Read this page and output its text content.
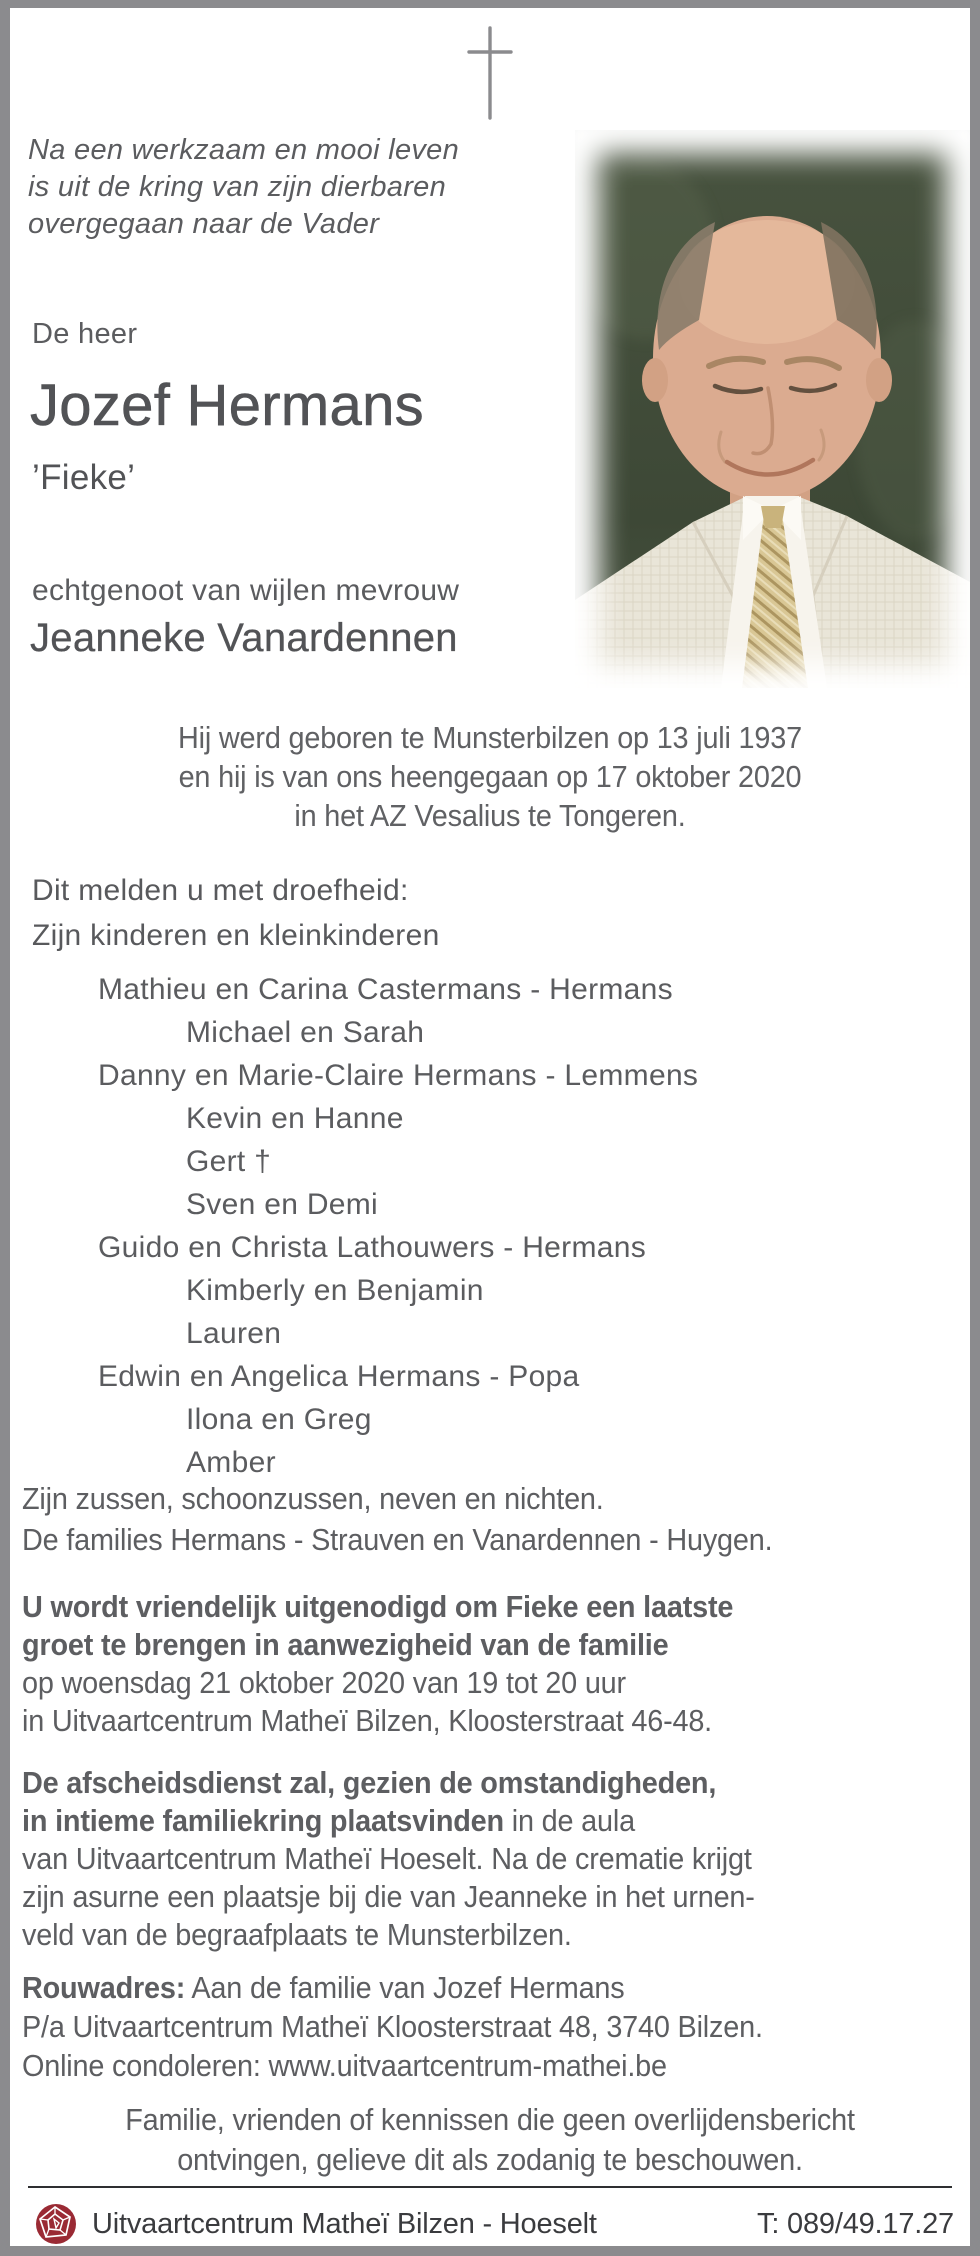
Na een werkzaam en mooi leven
is uit de kring van zijn dierbaren
overgegaan naar de Vader
De heer
Jozef Hermans
’Fieke’
echtgenoot van wijlen mevrouw
Jeanneke Vanardennen
Hij werd geboren te Munsterbilzen op 13 juli 1937
en hij is van ons heengegaan op 17 oktober 2020
in het AZ Vesalius te Tongeren.
Dit melden u met droefheid:
Zijn kinderen en kleinkinderen
Mathieu en Carina Castermans - Hermans
Michael en Sarah
Danny en Marie-Claire Hermans - Lemmens
Kevin en Hanne
Gert †
Sven en Demi
Guido en Christa Lathouwers - Hermans
Kimberly en Benjamin
Lauren
Edwin en Angelica Hermans - Popa
Ilona en Greg
Amber
Zijn zussen, schoonzussen, neven en nichten.
De families Hermans - Strauven en Vanardennen - Huygen.
U wordt vriendelijk uitgenodigd om Fieke een laatste
groet te brengen in aanwezigheid van de familie
op woensdag 21 oktober 2020 van 19 tot 20 uur
in Uitvaartcentrum Matheï Bilzen, Kloosterstraat 46-48.
De afscheidsdienst zal, gezien de omstandigheden,
in intieme familiekring plaatsvinden in de aula
van Uitvaartcentrum Matheï Hoeselt. Na de crematie krijgt
zijn asurne een plaatsje bij die van Jeanneke in het urnen-
veld van de begraafplaats te Munsterbilzen.
Rouwadres: Aan de familie van Jozef Hermans
P/a Uitvaartcentrum Matheï Kloosterstraat 48, 3740 Bilzen.
Online condoleren: www.uitvaartcentrum-mathei.be
Familie, vrienden of kennissen die geen overlijdensbericht
ontvingen, gelieve dit als zodanig te beschouwen.
Uitvaartcentrum Matheï Bilzen - Hoeselt	T: 089/49.17.27
